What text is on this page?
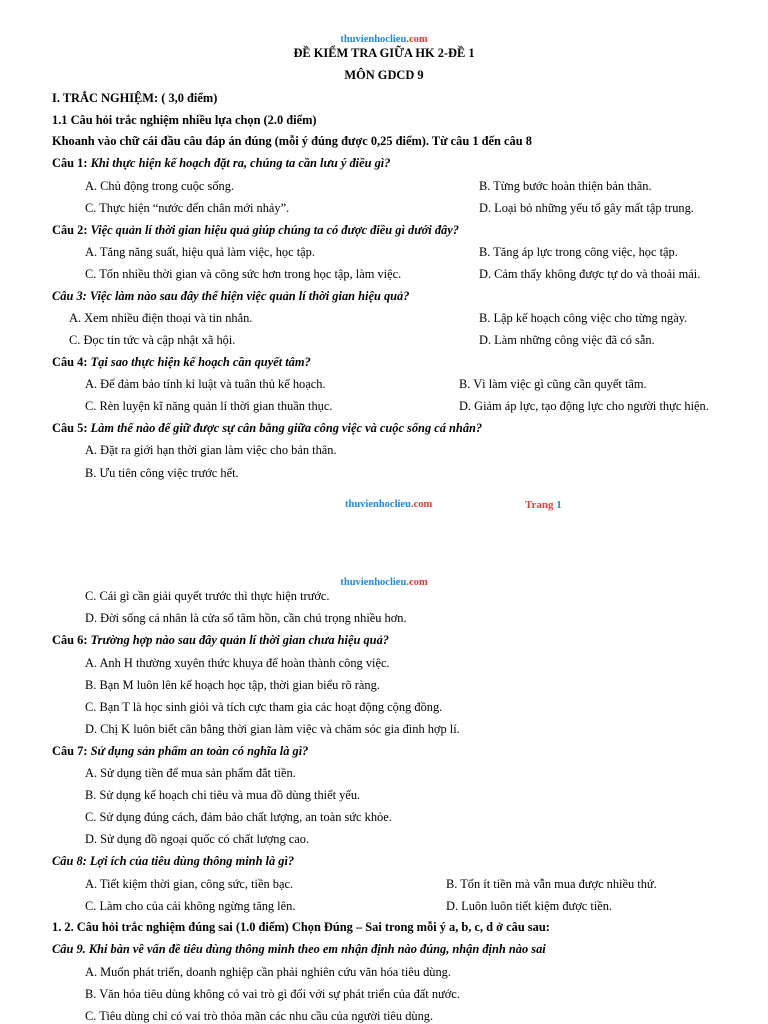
thuvienhoclieu.com
ĐỀ KIỂM TRA GIỮA HK 2-ĐỀ 1
MÔN GDCD 9
I. TRẮC NGHIỆM: ( 3,0 điểm)
1.1 Câu hỏi trắc nghiệm nhiều lựa chọn (2.0 điểm)
Khoanh vào chữ cái đầu câu đáp án đúng (mỗi ý đúng được 0,25 điểm). Từ câu 1 đến câu 8
Câu 1: Khi thực hiện kế hoạch đặt ra, chúng ta cần lưu ý điều gì?
A. Chủ động trong cuộc sống.	B. Từng bước hoàn thiện bản thân.
C. Thực hiện “nước đến chân mới nhảy”.	D. Loại bỏ những yếu tố gây mất tập trung.
Câu 2: Việc quản lí thời gian hiệu quả giúp chúng ta có được điều gì dưới đây?
A. Tăng năng suất, hiệu quả làm việc, học tập.	B. Tăng áp lực trong công việc, học tập.
C. Tốn nhiều thời gian và công sức hơn trong học tập, làm việc.	D. Cảm thấy không được tự do và thoải mái.
Câu 3: Việc làm nào sau đây thể hiện việc quản lí thời gian hiệu quả?
A. Xem nhiều điện thoại và tin nhắn.	B. Lập kế hoạch công việc cho từng ngày.
C. Đọc tin tức và cập nhật xã hội.	D. Làm những công việc đã có sẵn.
Câu 4: Tại sao thực hiện kế hoạch cần quyết tâm?
A. Để đảm bảo tính kỉ luật và tuân thủ kế hoạch.	B. Vì làm việc gì cũng cần quyết tâm.
C. Rèn luyện kĩ năng quản lí thời gian thuần thục.	D. Giảm áp lực, tạo động lực cho người thực hiện.
Câu 5: Làm thế nào để giữ được sự cân bằng giữa công việc và cuộc sống cá nhân?
A. Đặt ra giới hạn thời gian làm việc cho bản thân.
B. Ưu tiên công việc trước hết.
thuvienhoclieu.com	Trang 1
thuvienhoclieu.com
C. Cái gì cần giải quyết trước thì thực hiện trước.
D. Đời sống cá nhân là cửa sổ tâm hồn, cần chú trọng nhiều hơn.
Câu 6: Trường hợp nào sau đây quản lí thời gian chưa hiệu quả?
A. Anh H thường xuyên thức khuya để hoàn thành công việc.
B. Bạn M luôn lên kế hoạch học tập, thời gian biểu rõ ràng.
C. Bạn T là học sinh giỏi và tích cực tham gia các hoạt động cộng đồng.
D. Chị K luôn biết cân bằng thời gian làm việc và chăm sóc gia đình hợp lí.
Câu 7: Sử dụng sản phẩm an toàn có nghĩa là gì?
A. Sử dụng tiền để mua sản phẩm đắt tiền.
B. Sử dụng kế hoạch chi tiêu và mua đồ dùng thiết yếu.
C. Sử dụng đúng cách, đảm bảo chất lượng, an toàn sức khỏe.
D. Sử dụng đồ ngoại quốc có chất lượng cao.
Câu 8: Lợi ích của tiêu dùng thông minh là gì?
A. Tiết kiệm thời gian, công sức, tiền bạc.	B. Tốn ít tiền mà vẫn mua được nhiều thứ.
C. Làm cho của cải không ngừng tăng lên.	D. Luôn luôn tiết kiệm được tiền.
1. 2. Câu hỏi trắc nghiệm đúng sai (1.0 điểm) Chọn Đúng – Sai trong mỗi ý a, b, c, d ở câu sau:
Câu 9. Khi bàn về vấn đề tiêu dùng thông minh theo em nhận định nào đúng, nhận định nào sai
A. Muốn phát triển, doanh nghiệp cần phải nghiên cứu văn hóa tiêu dùng.
B. Văn hóa tiêu dùng không có vai trò gì đối với sự phát triển của đất nước.
C. Tiêu dùng chỉ có vai trò thỏa mãn các nhu cầu của người tiêu dùng.
